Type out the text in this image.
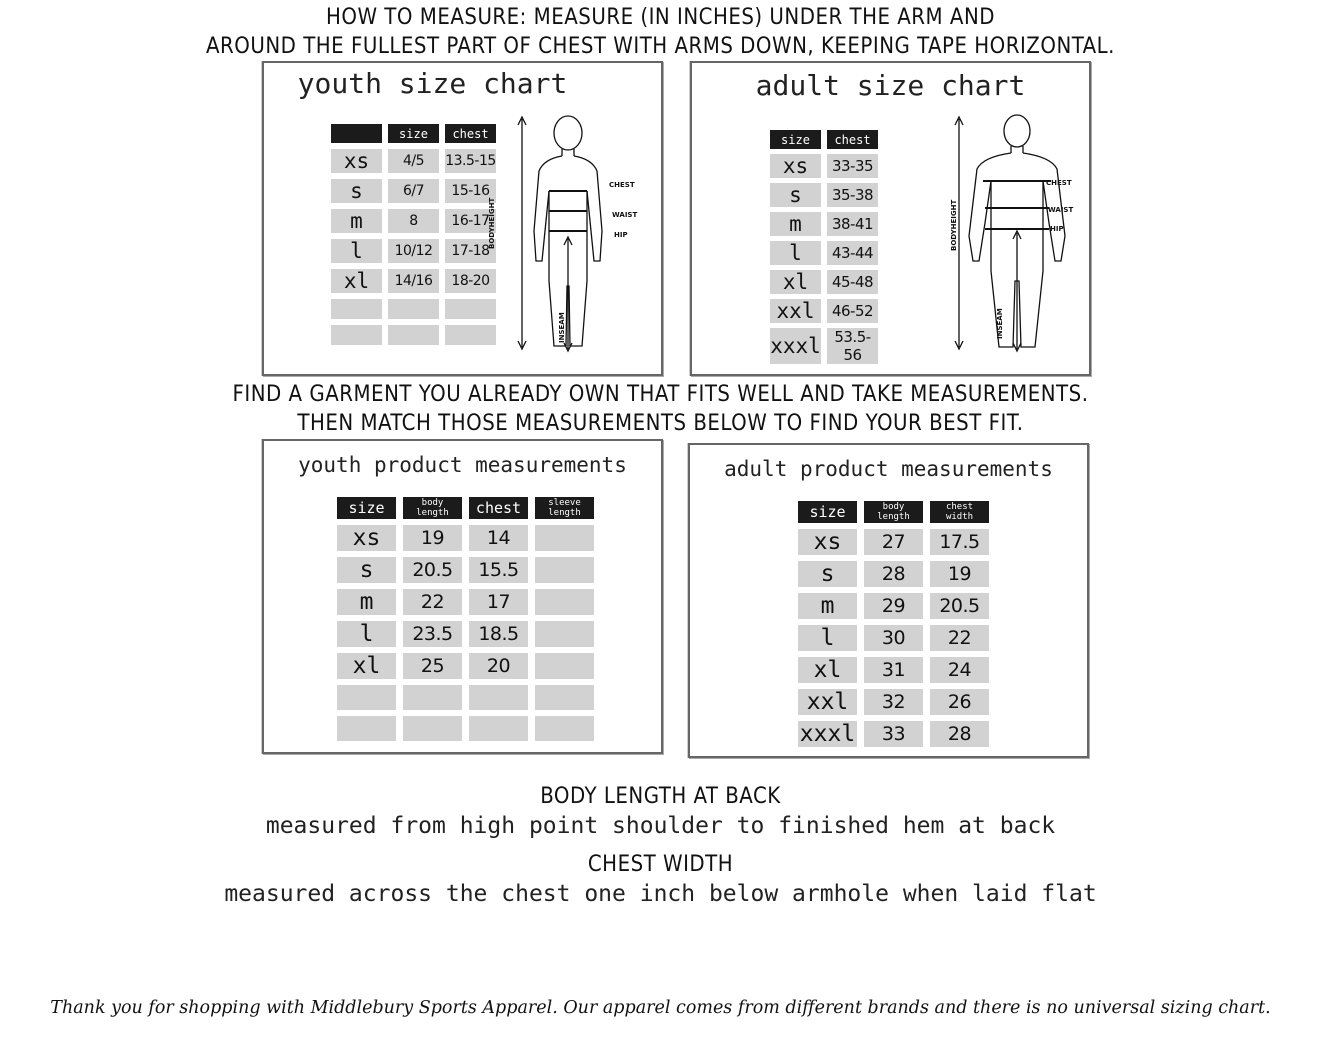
HOW TO MEASURE: MEASURE (IN INCHES) UNDER THE ARM AND
AROUND THE FULLEST PART OF CHEST WITH ARMS DOWN, KEEPING TAPE HORIZONTAL.
youth size chart
	size	chest
xs	4/5	13.5-15
s	6/7	15-16
m	8	16-17
l	10/12	17-18
xl	14/16	18-20

CHEST
WAIST
HIP
BODYHEIGHT
INSEAM
adult size chart
size	chest
xs	33-35
s	35-38
m	38-41
l	43-44
xl	45-48
xxl	46-52
xxxl	53.5-56
CHEST
WAIST
HIP
BODYHEIGHT
INSEAM
FIND A GARMENT YOU ALREADY OWN THAT FITS WELL AND TAKE MEASUREMENTS.
THEN MATCH THOSE MEASUREMENTS BELOW TO FIND YOUR BEST FIT.
youth product measurements
size	body length	chest	sleeve length
xs	19	14	
s	20.5	15.5	
m	22	17	
l	23.5	18.5	
xl	25	20	

adult product measurements
size	body length	chest width
xs	27	17.5
s	28	19
m	29	20.5
l	30	22
xl	31	24
xxl	32	26
xxxl	33	28
BODY LENGTH AT BACK
measured from high point shoulder to finished hem at back
CHEST WIDTH
measured across the chest one inch below armhole when laid flat
Thank you for shopping with Middlebury Sports Apparel. Our apparel comes from different brands and there is no universal sizing chart.
